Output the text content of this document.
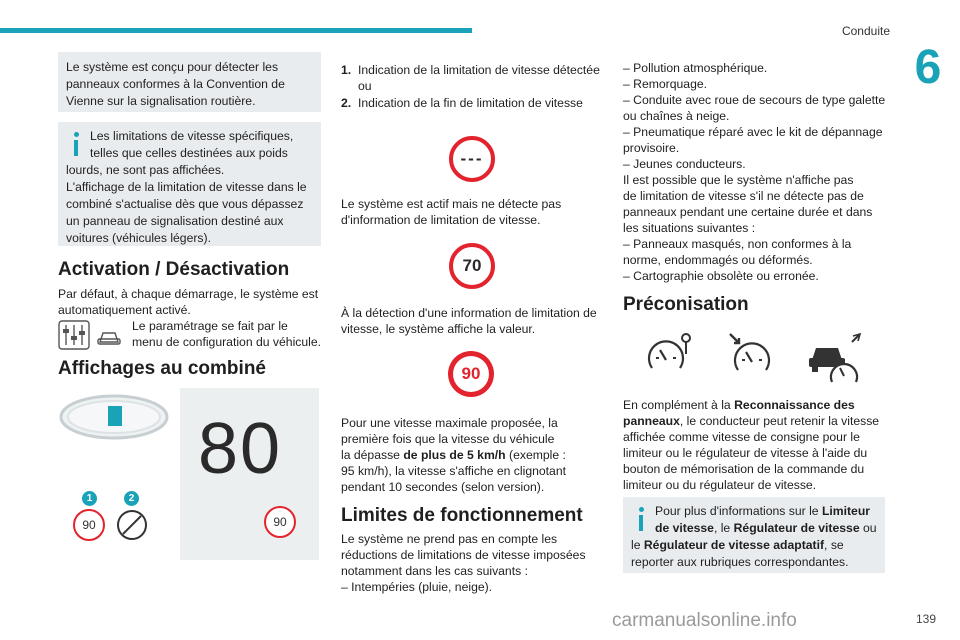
Conduite
6
Le système est conçu pour détecter les panneaux conformes à la Convention de Vienne sur la signalisation routière.
Les limitations de vitesse spécifiques,
telles que celles destinées aux poids
lourds, ne sont pas affichées.
L'affichage de la limitation de vitesse dans le
combiné s'actualise dès que vous dépassez
un panneau de signalisation destiné aux
voitures (véhicules légers).
Activation / Désactivation
Par défaut, à chaque démarrage, le système est
automatiquement activé.
Le paramétrage se fait par le
menu de configuration du véhicule.
Affichages au combiné
80
90
1	2
90
1. Indication de la limitation de vitesse détectée
ou
2. Indication de la fin de limitation de vitesse
---
Le système est actif mais ne détecte pas
d'information de limitation de vitesse.
70
À la détection d'une information de limitation de
vitesse, le système affiche la valeur.
90
Pour une vitesse maximale proposée, la
première fois que la vitesse du véhicule
la dépasse de plus de 5 km/h (exemple :
95 km/h), la vitesse s'affiche en clignotant
pendant 10 secondes (selon version).
Limites de fonctionnement
Le système ne prend pas en compte les
réductions de limitations de vitesse imposées
notamment dans les cas suivants :
– Intempéries (pluie, neige).
– Pollution atmosphérique.
– Remorquage.
– Conduite avec roue de secours de type galette
ou chaînes à neige.
– Pneumatique réparé avec le kit de dépannage
provisoire.
– Jeunes conducteurs.
Il est possible que le système n'affiche pas
de limitation de vitesse s'il ne détecte pas de
panneaux pendant une certaine durée et dans
les situations suivantes :
– Panneaux masqués, non conformes à la
norme, endommagés ou déformés.
– Cartographie obsolète ou erronée.
Préconisation
En complément à la Reconnaissance des
panneaux, le conducteur peut retenir la vitesse
affichée comme vitesse de consigne pour le
limiteur ou le régulateur de vitesse à l'aide du
bouton de mémorisation de la commande du
limiteur ou du régulateur de vitesse.
Pour plus d'informations sur le Limiteur
de vitesse, le Régulateur de vitesse ou
le Régulateur de vitesse adaptatif, se
reporter aux rubriques correspondantes.
139
carmanualsonline.info
